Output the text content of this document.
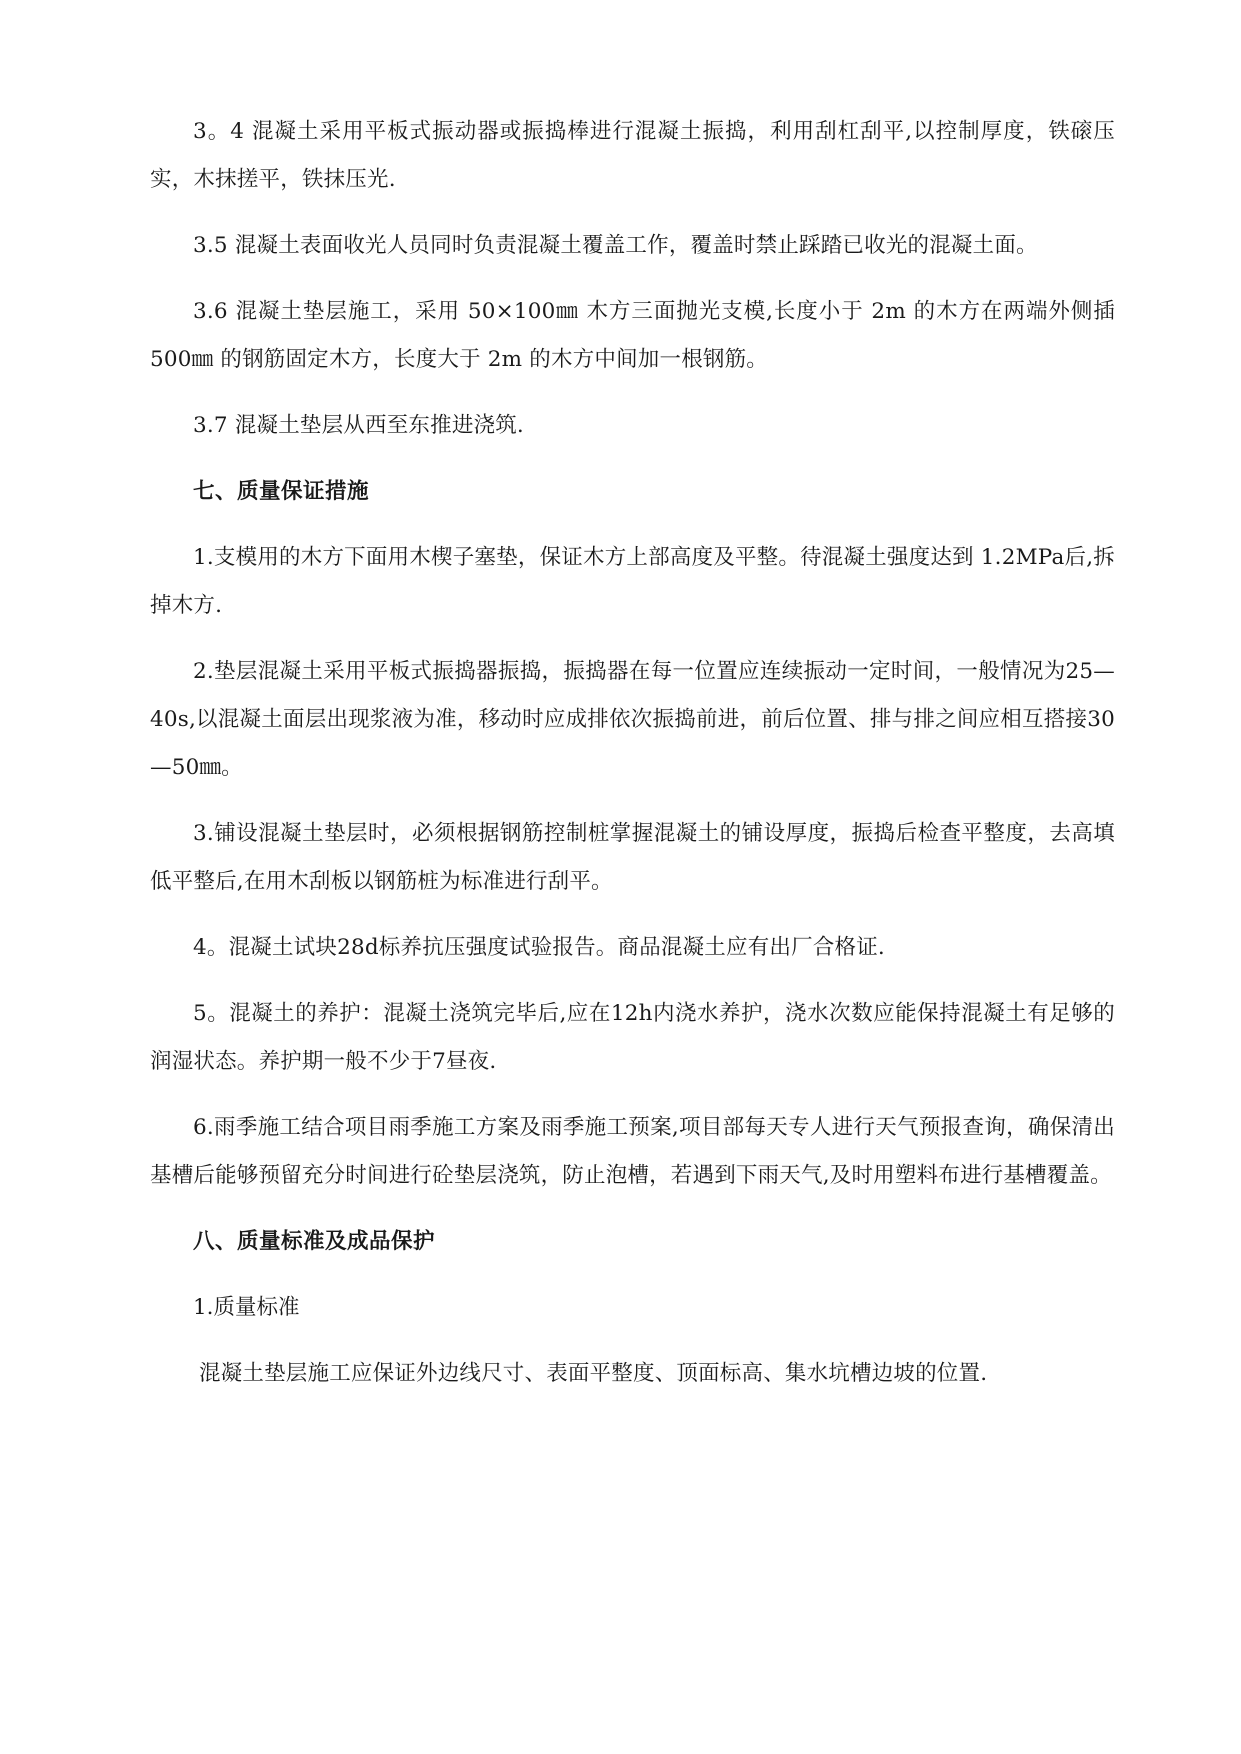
3。4 混凝土采用平板式振动器或振捣棒进行混凝土振捣，利用刮杠刮平,以控制厚度，铁磙压实，木抹搓平，铁抹压光.

3.5 混凝土表面收光人员同时负责混凝土覆盖工作，覆盖时禁止踩踏已收光的混凝土面。

3.6 混凝土垫层施工，采用 50×100㎜ 木方三面抛光支模,长度小于 2m 的木方在两端外侧插 500㎜ 的钢筋固定木方，长度大于 2m 的木方中间加一根钢筋。

3.7 混凝土垫层从西至东推进浇筑.

七、质量保证措施

1.支模用的木方下面用木楔子塞垫，保证木方上部高度及平整。待混凝土强度达到 1.2MPa后,拆掉木方.

2.垫层混凝土采用平板式振捣器振捣，振捣器在每一位置应连续振动一定时间，一般情况为25—40s,以混凝土面层出现浆液为准，移动时应成排依次振捣前进，前后位置、排与排之间应相互搭接30—50㎜。

3.铺设混凝土垫层时，必须根据钢筋控制桩掌握混凝土的铺设厚度，振捣后检查平整度，去高填低平整后,在用木刮板以钢筋桩为标准进行刮平。

4。混凝土试块28d标养抗压强度试验报告。商品混凝土应有出厂合格证.

5。混凝土的养护：混凝土浇筑完毕后,应在12h内浇水养护，浇水次数应能保持混凝土有足够的润湿状态。养护期一般不少于7昼夜.

6.雨季施工结合项目雨季施工方案及雨季施工预案,项目部每天专人进行天气预报查询，确保清出基槽后能够预留充分时间进行砼垫层浇筑，防止泡槽，若遇到下雨天气,及时用塑料布进行基槽覆盖。

八、质量标准及成品保护

1.质量标准

混凝土垫层施工应保证外边线尺寸、表面平整度、顶面标高、集水坑槽边坡的位置.
